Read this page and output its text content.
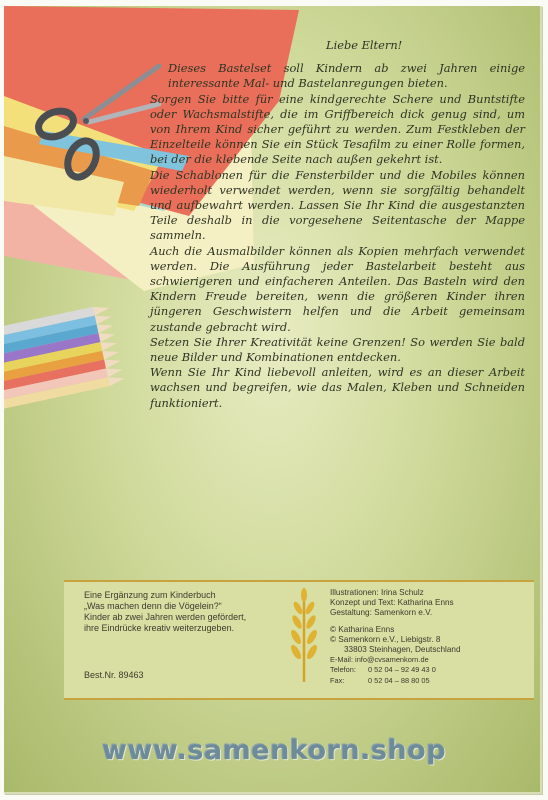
Liebe Eltern!

Dieses Bastelset soll Kindern ab zwei Jahren einige interessante Mal- und Bastelanregungen bieten.

Sorgen Sie bitte für eine kindgerechte Schere und Buntstifte oder Wachsmalstifte, die im Griffbereich dick genug sind, um von Ihrem Kind sicher geführt zu werden. Zum Festkleben der Einzelteile können Sie ein Stück Tesafilm zu einer Rolle formen, bei der die klebende Seite nach außen gekehrt ist.

Die Schablonen für die Fensterbilder und die Mobiles können wiederholt verwendet werden, wenn sie sorgfältig behandelt und aufbewahrt werden. Lassen Sie Ihr Kind die ausgestanzten Teile deshalb in die vorgesehene Seitentasche der Mappe sammeln.

Auch die Ausmalbilder können als Kopien mehrfach verwendet werden. Die Ausführung jeder Bastelarbeit besteht aus schwierigeren und einfacheren Anteilen. Das Basteln wird den Kindern Freude bereiten, wenn die größeren Kinder ihren jüngeren Geschwistern helfen und die Arbeit gemeinsam zustande gebracht wird.

Setzen Sie Ihrer Kreativität keine Grenzen! So werden Sie bald neue Bilder und Kombinationen entdecken.

Wenn Sie Ihr Kind liebevoll anleiten, wird es an dieser Arbeit wachsen und begreifen, wie das Malen, Kleben und Schneiden funktioniert.

Eine Ergänzung zum Kinderbuch
„Was machen denn die Vögelein?“
Kinder ab zwei Jahren werden gefördert,
ihre Eindrücke kreativ weiterzugeben.
Best.Nr. 89463
Illustrationen: Irina Schulz
Konzept und Text: Katharina Enns
Gestaltung: Samenkorn e.V.
© Katharina Enns
© Samenkorn e.V., Liebigstr. 8
33803 Steinhagen, Deutschland
E-Mail: info@cvsamenkorn.de
Telefon: 0 52 04 – 92 49 43 0
Fax:	0 52 04 – 88 80 05
www.samenkorn.shop
